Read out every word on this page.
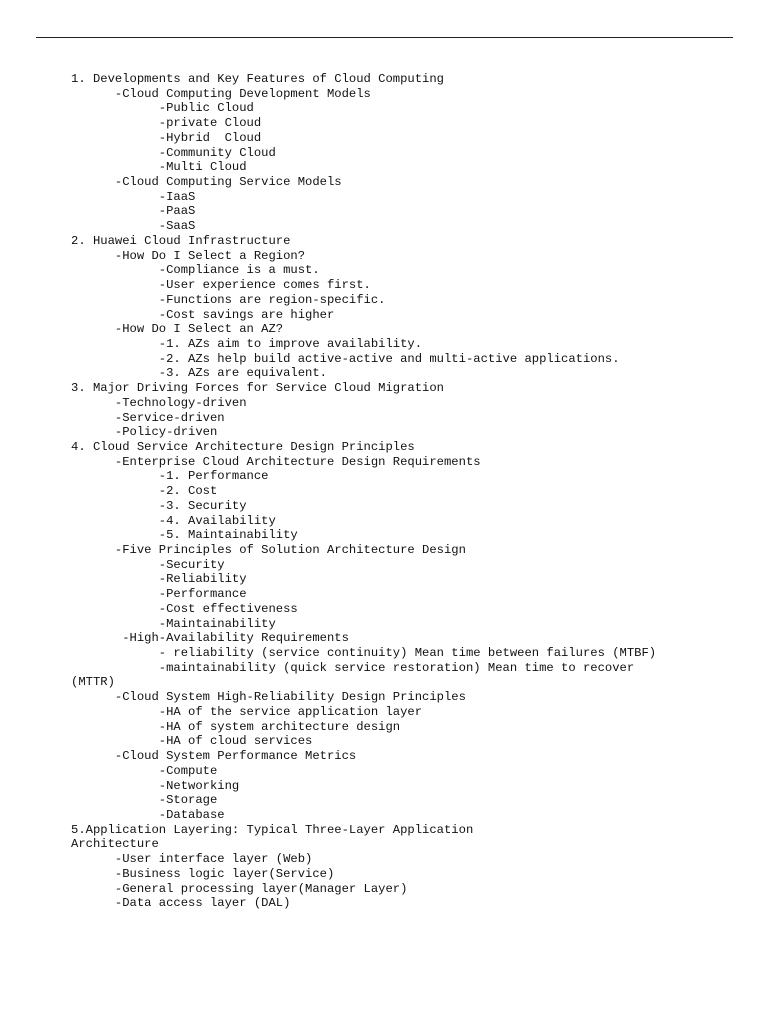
1. Developments and Key Features of Cloud Computing
-Cloud Computing Development Models
-Public Cloud
-private Cloud
-Hybrid  Cloud
-Community Cloud
-Multi Cloud
-Cloud Computing Service Models
-IaaS
-PaaS
-SaaS
2. Huawei Cloud Infrastructure
-How Do I Select a Region?
-Compliance is a must.
-User experience comes first.
-Functions are region-specific.
-Cost savings are higher
-How Do I Select an AZ?
-1. AZs aim to improve availability.
-2. AZs help build active-active and multi-active applications.
-3. AZs are equivalent.
3. Major Driving Forces for Service Cloud Migration
-Technology-driven
-Service-driven
-Policy-driven
4. Cloud Service Architecture Design Principles
-Enterprise Cloud Architecture Design Requirements
-1. Performance
-2. Cost
-3. Security
-4. Availability
-5. Maintainability
-Five Principles of Solution Architecture Design
-Security
-Reliability
-Performance
-Cost effectiveness
-Maintainability
-High-Availability Requirements
- reliability (service continuity) Mean time between failures (MTBF)
-maintainability (quick service restoration) Mean time to recover
(MTTR)
-Cloud System High-Reliability Design Principles
-HA of the service application layer
-HA of system architecture design
-HA of cloud services
-Cloud System Performance Metrics
-Compute
-Networking
-Storage
-Database
5.Application Layering: Typical Three-Layer Application
Architecture
-User interface layer (Web)
-Business logic layer(Service)
-General processing layer(Manager Layer)
-Data access layer (DAL)
